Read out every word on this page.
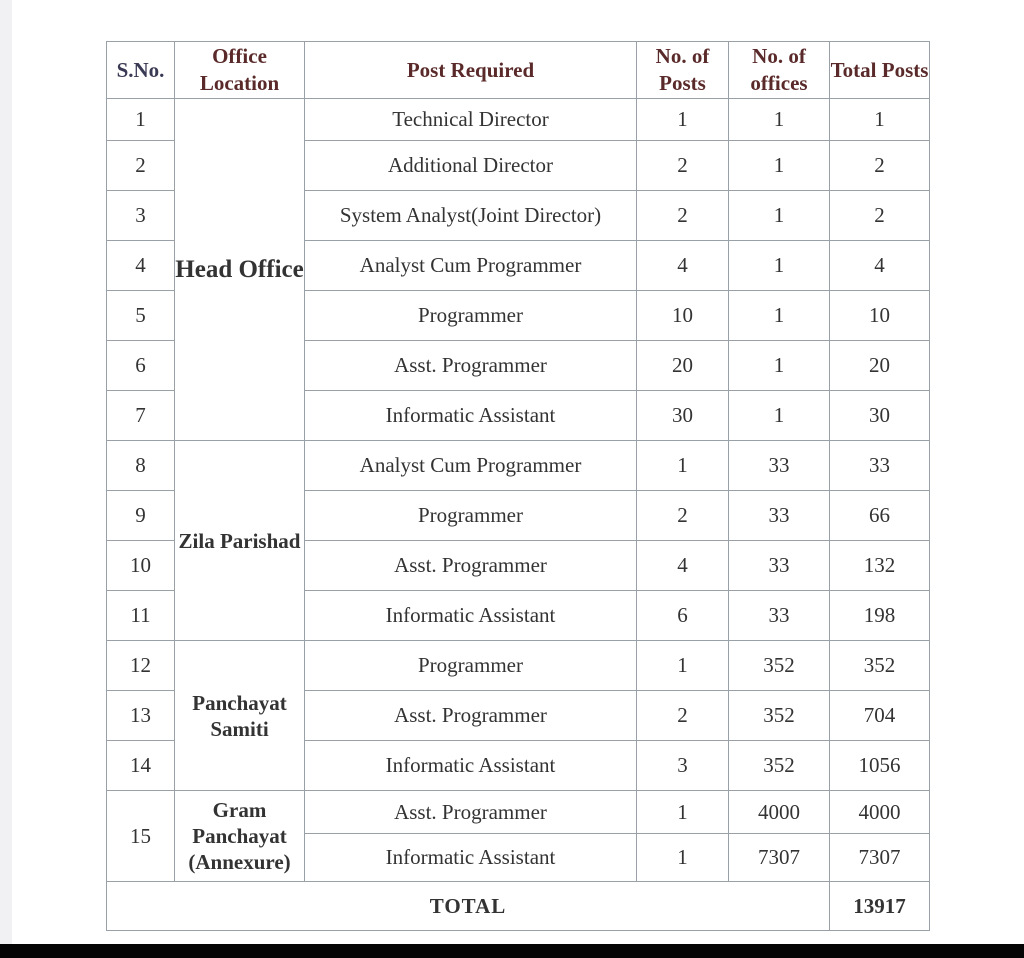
S.No.	Office Location	Post Required	No. of Posts	No. of offices	Total Posts
1	Head Office	Technical Director	1	1	1
2		Additional Director	2	1	2
3		System Analyst(Joint Director)	2	1	2
4		Analyst Cum Programmer	4	1	4
5		Programmer	10	1	10
6		Asst. Programmer	20	1	20
7		Informatic Assistant	30	1	30
8	Zila Parishad	Analyst Cum Programmer	1	33	33
9		Programmer	2	33	66
10		Asst. Programmer	4	33	132
11		Informatic Assistant	6	33	198
12	Panchayat Samiti	Programmer	1	352	352
13		Asst. Programmer	2	352	704
14		Informatic Assistant	3	352	1056
15	Gram Panchayat (Annexure)	Asst. Programmer	1	4000	4000
		Informatic Assistant	1	7307	7307
TOTAL					13917
